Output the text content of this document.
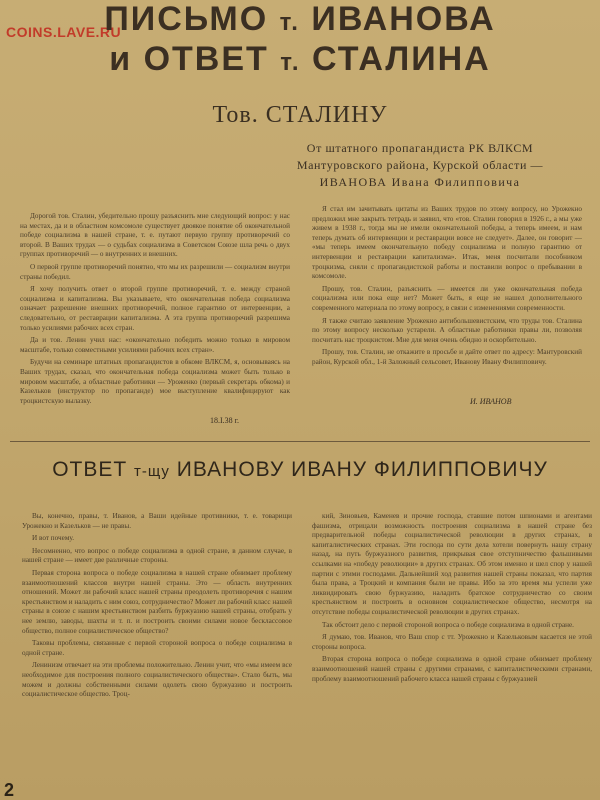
COINS.LAVE.RU
ПИСЬМО т. ИВАНОВА
и ОТВЕТ т. СТАЛИНА
Тов. СТАЛИНУ
От штатного пропагандиста РК ВЛКСМ
Мантуровского района, Курской области —
ИВАНОВА Ивана Филипповича

Дорогой тов. Сталин, убедительно прошу разъяснить мне следующий вопрос: у нас на местах, да и в областном комсомоле существует двоякое понятие об окончательной победе социализма в нашей стране, т. е. путают первую группу противоречий со второй. В Ваших трудах — о судьбах социализма в Советском Союзе шла речь о двух группах противоречий — о внутренних и внешних.

О первой группе противоречий понятно, что мы их разрешили — социализм внутри страны победил.

Я хочу получить ответ о второй группе противоречий, т. е. между страной социализма и капитализма. Вы указываете, что окончательная победа социализма означает разрешение внешних противоречий, полное гарантию от интервенции, а следовательно, от реставрации капитализма. А эта группа противоречий разрешима только усилиями рабочих всех стран.

Да и тов. Ленин учил нас: «окончательно победить можно только в мировом масштабе, только совместными усилиями рабочих всех стран».

Будучи на семинаре штатных пропагандистов в обкоме ВЛКСМ, я, основываясь на Ваших трудах, сказал, что окончательная победа социализма может быть только в мировом масштабе, а областные работники — Уроженко (первый секретарь обкома) и Казельков (инструктор по пропаганде) мое выступление квалифицируют как троцкистскую вылазку.

Я стал им зачитывать цитаты из Ваших трудов по этому вопросу, но Урожекно предложил мне закрыть тетрадь и заявил, что «тов. Сталин говорил в 1926 г., а мы уже живем в 1938 г., тогда мы не имели окончательной победы, а теперь имеем, и нам теперь думать об интервенции и реставрации вовсе не следует». Далее, он говорит — «мы теперь имеем окончательную победу социализма и полную гарантию от интервенции и реставрации капитализма». Итак, меня посчитали пособником троцкизма, сняли с пропагандистской работы и поставили вопрос о пребывании в комсомоле.

Прошу, тов. Сталин, разъяснить — имеется ли уже окончательная победа социализма или пока еще нет? Может быть, я еще не нашел дополнительного современного материала по этому вопросу, в связи с изменениями современности.

Я также считаю заявление Урожекно антибольшевистским, что труды тов. Сталина по этому вопросу несколько устарели. А областные работники правы ли, позволяя посчитать нас троцкистом. Мне для меня очень обидно и оскорбительно.

Прошу, тов. Сталин, не откажите в просьбе и дайте ответ по адресу: Мантуровский район, Курской обл., 1-й Заложный сельсовет, Иванову Ивану Филипповичу.

И. ИВАНОВ
18.I.38 г.
ОТВЕТ т-щу ИВАНОВУ ИВАНУ ФИЛИППОВИЧУ

Вы, конечно, правы, т. Иванов, а Ваши идейные противники, т. е. товарищи Урожекно и Казельков — не правы.

И вот почему.

Несомненно, что вопрос о победе социализма в одной стране, в данном случае, в нашей стране — имеет две различные стороны.

Первая сторона вопроса о победе социализма в нашей стране обнимает проблему взаимоотношений классов внутри нашей страны. Это — область внутренних отношений. Может ли рабочий класс нашей страны преодолеть противоречия с нашим крестьянством и наладить с ним союз, сотрудничество? Может ли рабочий класс нашей страны в союзе с нашим крестьянством разбить буржуазию нашей страны, отобрать у нее землю, заводы, шахты и т. п. и построить своими силами новое бесклассовое общество, полное социалистическое общество?

Таковы проблемы, связанные с первой стороной вопроса о победе социализма в одной стране.

Ленинизм отвечает на эти проблемы положительно. Ленин учит, что «мы имеем все необходимое для построения полного социалистического общества». Стало быть, мы можем и должны собственными силами одолеть свою буржуазию и построить социалистическое общество. Троц-

кий, Зиновьев, Каменев и прочие господа, ставшие потом шпионами и агентами фашизма, отрицали возможность построения социализма в нашей стране без предварительной победы социалистической революции в других странах, в капиталистических странах. Эти господа по сути дела хотели повернуть нашу страну назад, на путь буржуазного развития, прикрывая свое отступничество фальшивыми ссылками на «победу революции» в других странах. Об этом именно и шел спор у нашей партии с этими господами. Дальнейший ход развития нашей страны показал, что партия была права, а Троцкий и компания были не правы. Ибо за это время мы успели уже ликвидировать свою буржуазию, наладить братское сотрудничество со своим крестьянством и построить в основном социалистическое общество, несмотря на отсутствие победы социалистической революции в других странах.

Так обстоит дело с первой стороной вопроса о победе социализма в одной стране.

Я думаю, тов. Иванов, что Ваш спор с тт. Урожекно и Казельковым касается не этой стороны вопроса.

Вторая сторона вопроса о победе социализма в одной стране обнимает проблему взаимоотношений нашей страны с другими странами, с капиталистическими странами, проблему взаимоотношений рабочего класса нашей страны с буржуазией

2
